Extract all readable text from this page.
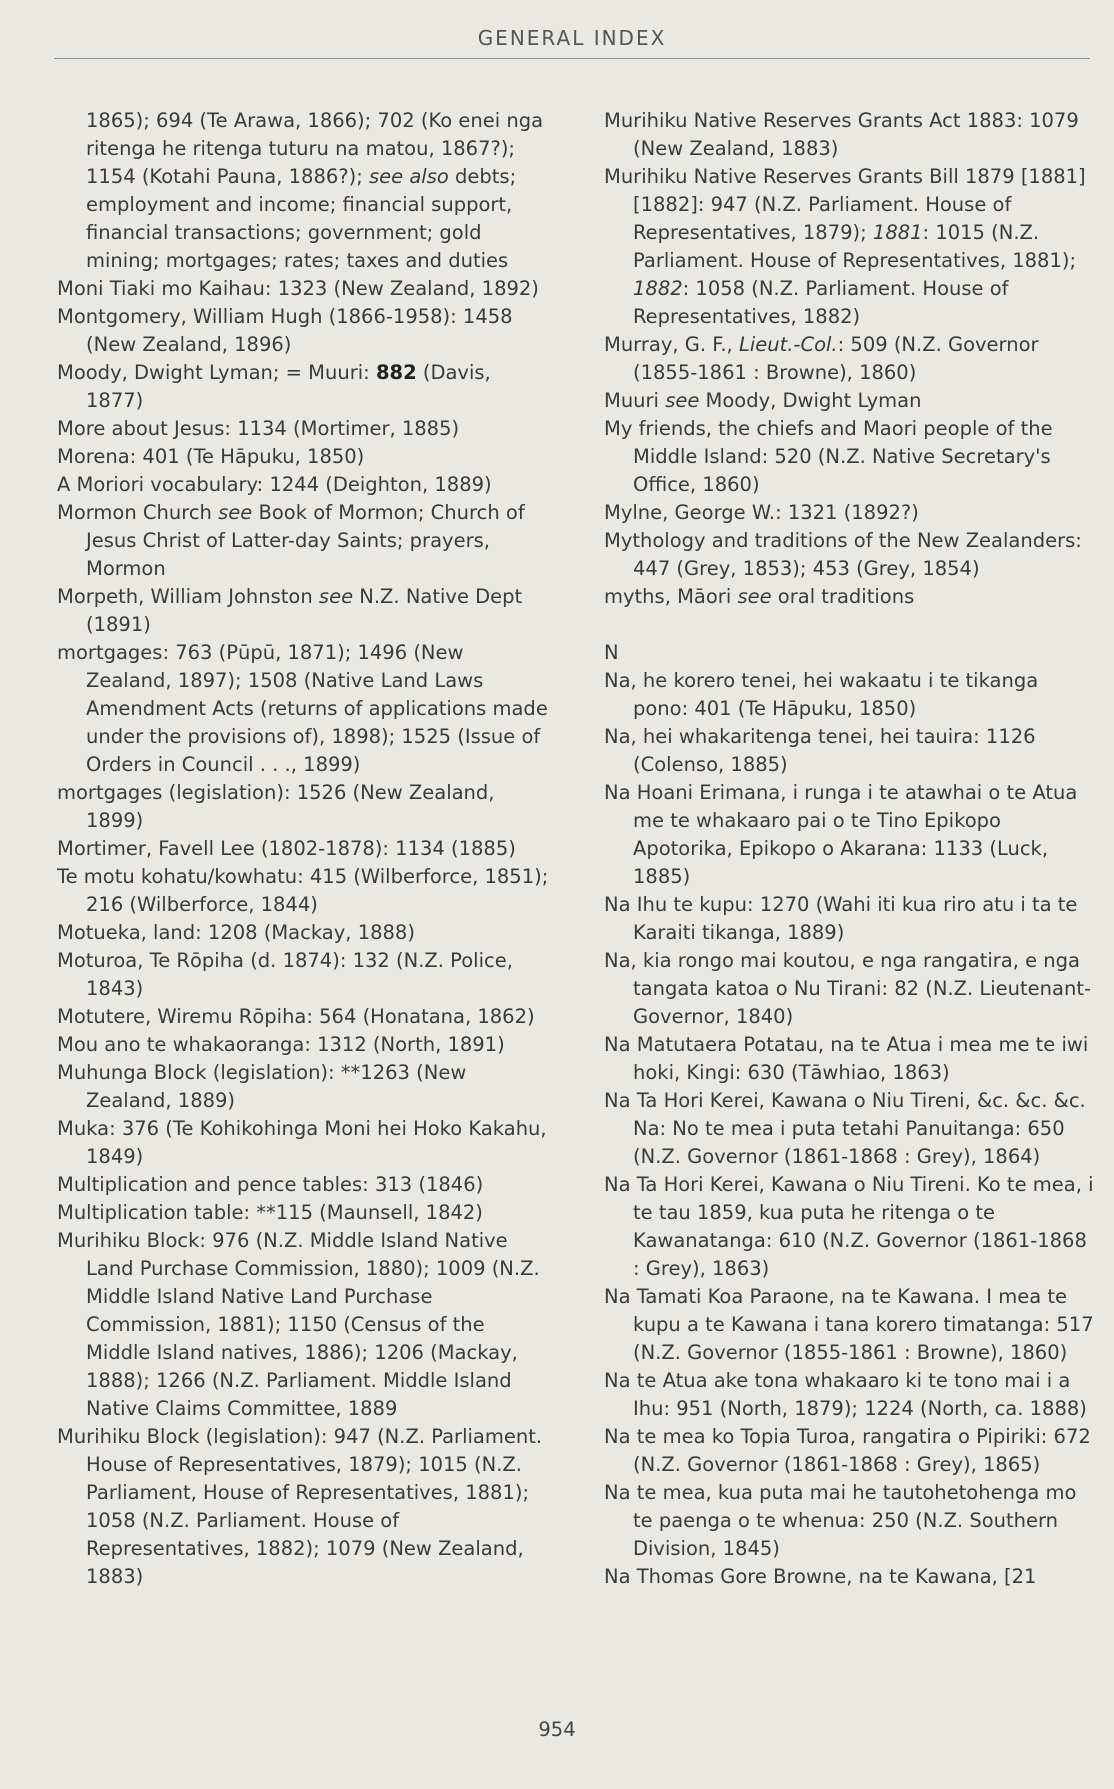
GENERAL INDEX

1865); 694 (Te Arawa, 1866); 702 (Ko enei nga ritenga he ritenga tuturu na matou, 1867?); 1154 (Kotahi Pauna, 1886?); see also debts; employment and income; financial support, financial transactions; government; gold mining; mortgages; rates; taxes and duties

Moni Tiaki mo Kaihau: 1323 (New Zealand, 1892)

Montgomery, William Hugh (1866-1958): 1458 (New Zealand, 1896)

Moody, Dwight Lyman; = Muuri: 882 (Davis, 1877)

More about Jesus: 1134 (Mortimer, 1885)

Morena: 401 (Te Hāpuku, 1850)

A Moriori vocabulary: 1244 (Deighton, 1889)

Mormon Church see Book of Mormon; Church of Jesus Christ of Latter-day Saints; prayers, Mormon

Morpeth, William Johnston see N.Z. Native Dept (1891)

mortgages: 763 (Pūpū, 1871); 1496 (New Zealand, 1897); 1508 (Native Land Laws Amendment Acts (returns of applications made under the provisions of), 1898); 1525 (Issue of Orders in Council . . ., 1899)

mortgages (legislation): 1526 (New Zealand, 1899)

Mortimer, Favell Lee (1802-1878): 1134 (1885)

Te motu kohatu/kowhatu: 415 (Wilberforce, 1851); 216 (Wilberforce, 1844)

Motueka, land: 1208 (Mackay, 1888)

Moturoa, Te Rōpiha (d. 1874): 132 (N.Z. Police, 1843)

Motutere, Wiremu Rōpiha: 564 (Honatana, 1862)

Mou ano te whakaoranga: 1312 (North, 1891)

Muhunga Block (legislation): **1263 (New Zealand, 1889)

Muka: 376 (Te Kohikohinga Moni hei Hoko Kakahu, 1849)

Multiplication and pence tables: 313 (1846)

Multiplication table: **115 (Maunsell, 1842)

Murihiku Block: 976 (N.Z. Middle Island Native Land Purchase Commission, 1880); 1009 (N.Z. Middle Island Native Land Purchase Commission, 1881); 1150 (Census of the Middle Island natives, 1886); 1206 (Mackay, 1888); 1266 (N.Z. Parliament. Middle Island Native Claims Committee, 1889

Murihiku Block (legislation): 947 (N.Z. Parliament. House of Representatives, 1879); 1015 (N.Z. Parliament, House of Representatives, 1881); 1058 (N.Z. Parliament. House of Representatives, 1882); 1079 (New Zealand, 1883)

Murihiku Native Reserves Grants Act 1883: 1079 (New Zealand, 1883)

Murihiku Native Reserves Grants Bill 1879 [1881] [1882]: 947 (N.Z. Parliament. House of Representatives, 1879); 1881: 1015 (N.Z. Parliament. House of Representatives, 1881); 1882: 1058 (N.Z. Parliament. House of Representatives, 1882)

Murray, G. F., Lieut.-Col.: 509 (N.Z. Governor (1855-1861 : Browne), 1860)

Muuri see Moody, Dwight Lyman

My friends, the chiefs and Maori people of the Middle Island: 520 (N.Z. Native Secretary's Office, 1860)

Mylne, George W.: 1321 (1892?)

Mythology and traditions of the New Zealanders: 447 (Grey, 1853); 453 (Grey, 1854)

myths, Māori see oral traditions

N

Na, he korero tenei, hei wakaatu i te tikanga pono: 401 (Te Hāpuku, 1850)

Na, hei whakaritenga tenei, hei tauira: 1126 (Colenso, 1885)

Na Hoani Erimana, i runga i te atawhai o te Atua me te whakaaro pai o te Tino Epikopo Apotorika, Epikopo o Akarana: 1133 (Luck, 1885)

Na Ihu te kupu: 1270 (Wahi iti kua riro atu i ta te Karaiti tikanga, 1889)

Na, kia rongo mai koutou, e nga rangatira, e nga tangata katoa o Nu Tirani: 82 (N.Z. Lieutenant-Governor, 1840)

Na Matutaera Potatau, na te Atua i mea me te iwi hoki, Kingi: 630 (Tāwhiao, 1863)

Na Ta Hori Kerei, Kawana o Niu Tireni, &c. &c. &c. Na: No te mea i puta tetahi Panuitanga: 650 (N.Z. Governor (1861-1868 : Grey), 1864)

Na Ta Hori Kerei, Kawana o Niu Tireni. Ko te mea, i te tau 1859, kua puta he ritenga o te Kawanatanga: 610 (N.Z. Governor (1861-1868 : Grey), 1863)

Na Tamati Koa Paraone, na te Kawana. I mea te kupu a te Kawana i tana korero timatanga: 517 (N.Z. Governor (1855-1861 : Browne), 1860)

Na te Atua ake tona whakaaro ki te tono mai i a Ihu: 951 (North, 1879); 1224 (North, ca. 1888)

Na te mea ko Topia Turoa, rangatira o Pipiriki: 672 (N.Z. Governor (1861-1868 : Grey), 1865)

Na te mea, kua puta mai he tautohetohenga mo te paenga o te whenua: 250 (N.Z. Southern Division, 1845)

Na Thomas Gore Browne, na te Kawana, [21

954
